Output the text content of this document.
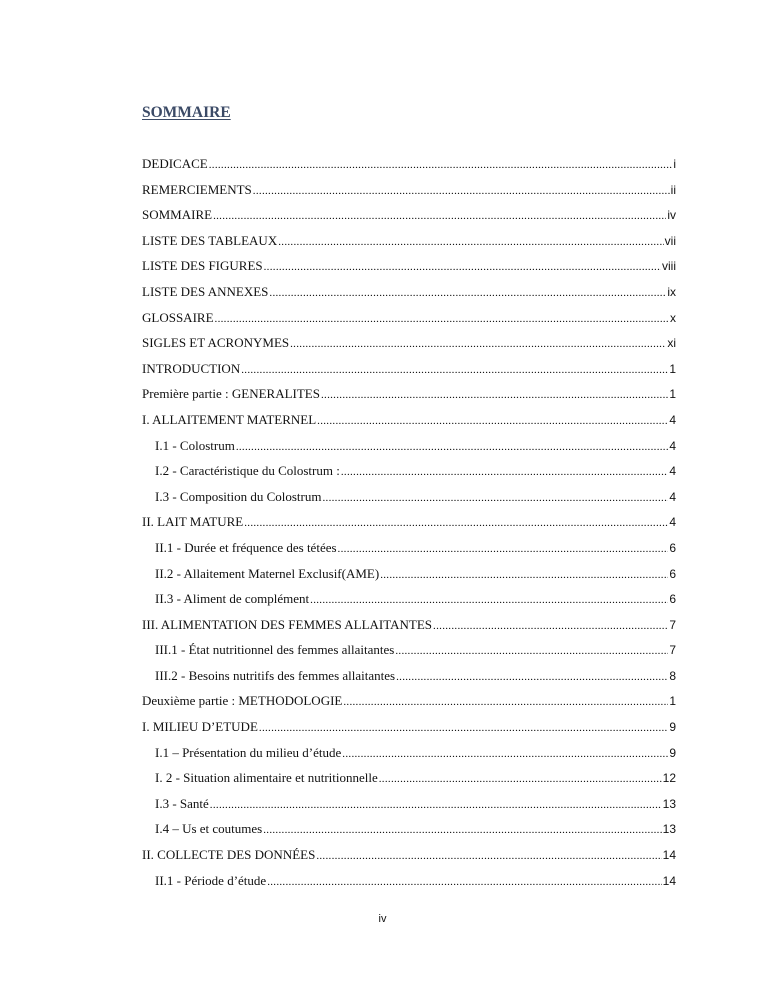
SOMMAIRE
DEDICACE .....	i
REMERCIEMENTS .....	ii
SOMMAIRE .....	iv
LISTE DES TABLEAUX .....	vii
LISTE DES FIGURES .....	viii
LISTE DES ANNEXES .....	ix
GLOSSAIRE .....	x
SIGLES ET ACRONYMES .....	xi
INTRODUCTION .....	1
Première partie : GENERALITES .....	1
I. ALLAITEMENT MATERNEL .....	4
I.1 - Colostrum .....	4
I.2 - Caractéristique du Colostrum : .....	4
I.3 - Composition du Colostrum .....	4
II. LAIT MATURE .....	4
II.1 - Durée et fréquence des tétées .....	6
II.2 - Allaitement Maternel Exclusif(AME) .....	6
II.3 - Aliment de complément .....	6
III. ALIMENTATION DES FEMMES ALLAITANTES .....	7
III.1 - État nutritionnel des femmes allaitantes .....	7
III.2 - Besoins nutritifs des femmes allaitantes .....	8
Deuxième partie : METHODOLOGIE .....	1
I. MILIEU D’ETUDE .....	9
I.1 – Présentation du milieu d’étude .....	9
I. 2 - Situation alimentaire et nutritionnelle .....	12
I.3 - Santé .....	13
I.4 – Us et coutumes .....	13
II. COLLECTE DES DONNÉES .....	14
II.1 - Période d’étude .....	14
iv
